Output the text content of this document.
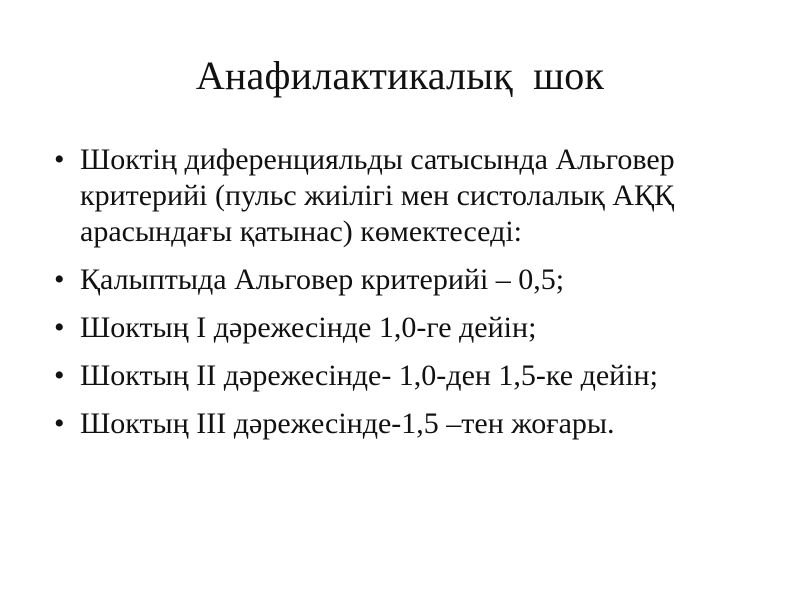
Анафилактикалық  шок
• Шоктің диференцияльды сатысында Альговер критерийі (пульс жиілігі мен систолалық АҚҚ арасындағы қатынас) көмектеседі:
• Қалыптыда Альговер критерийі – 0,5;
• Шоктың І дәрежесінде 1,0-ге дейін;
• Шоктың ІІ дәрежесінде- 1,0-ден 1,5-ке дейін;
• Шоктың ІІІ дәрежесінде-1,5 –тен жоғары.
